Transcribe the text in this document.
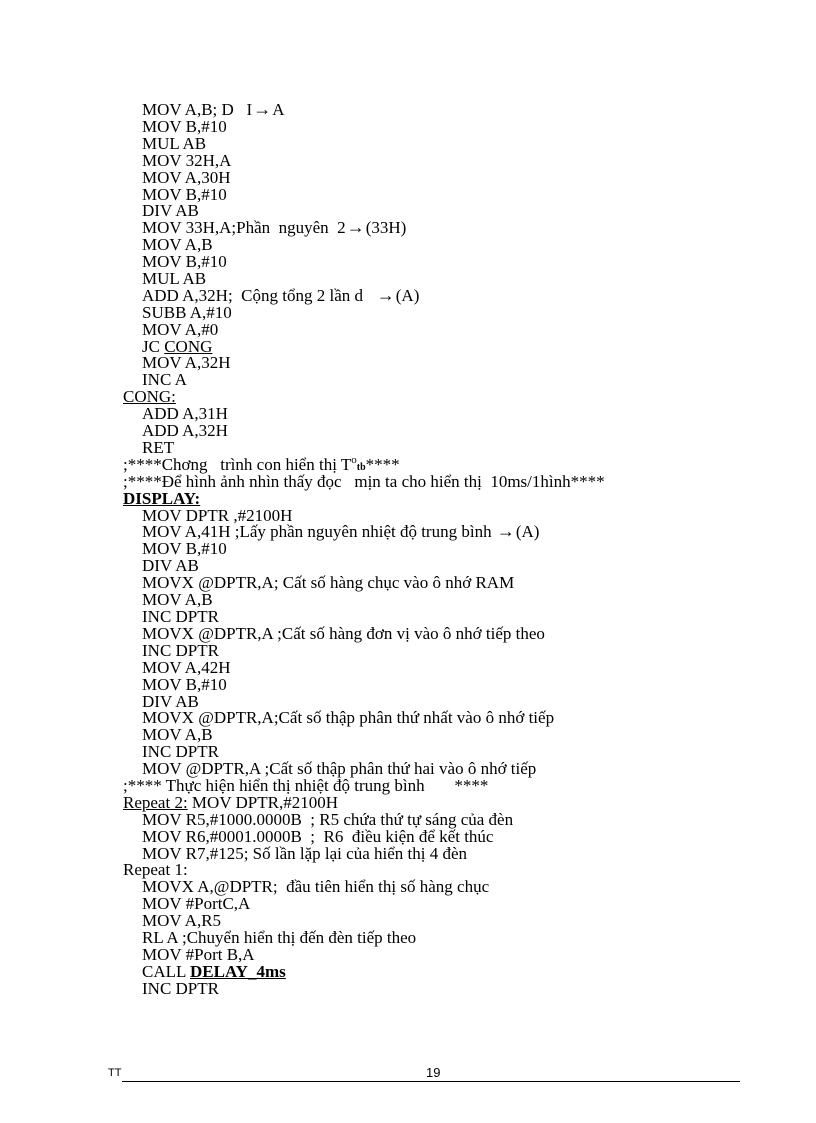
MOV A,B; D   I→A
MOV B,#10
MUL AB
MOV 32H,A
MOV A,30H
MOV B,#10
DIV AB
MOV 33H,A;Phần  nguyên  2→(33H)
MOV A,B
MOV B,#10
MUL AB
ADD A,32H;  Cộng tổng 2 lần d   →(A)
SUBB A,#10
MOV A,#0
JC CONG
MOV A,32H
INC A
CONG:
ADD A,31H
ADD A,32H
RET
;****Chơng   trình con hiển thị $T^otb****$
;****Để hình ảnh nhìn thấy đọc   mịn ta cho hiển thị  10ms/1hình****
DISPLAY:
MOV DPTR ,#2100H
MOV A,41H ;Lấy phần nguyên nhiệt độ trung bình →(A)
MOV B,#10
DIV AB
MOVX @DPTR,A; Cất số hàng chục vào ô nhớ RAM
MOV A,B
INC DPTR
MOVX @DPTR,A ;Cất số hàng đơn vị vào ô nhớ tiếp theo
INC DPTR
MOV A,42H
MOV B,#10
DIV AB
MOVX @DPTR,A;Cất số thập phân thứ nhất vào ô nhớ tiếp
MOV A,B
INC DPTR
MOV @DPTR,A ;Cất số thập phân thứ hai vào ô nhớ tiếp
;**** Thực hiện hiển thị nhiệt độ trung bình       ****
Repeat 2: MOV DPTR,#2100H
MOV R5,#1000.0000B  ; R5 chứa thứ tự sáng của đèn
MOV R6,#0001.0000B  ;  R6  điều kiện để kết thúc
MOV R7,#125; Số lần lặp lại của hiển thị 4 đèn
Repeat 1:
MOVX A,@DPTR;  đầu tiên hiển thị số hàng chục
MOV #PortC,A
MOV A,R5
RL A ;Chuyển hiển thị đến đèn tiếp theo
MOV #Port B,A
CALL DELAY_4ms
INC DPTR
TT	19
